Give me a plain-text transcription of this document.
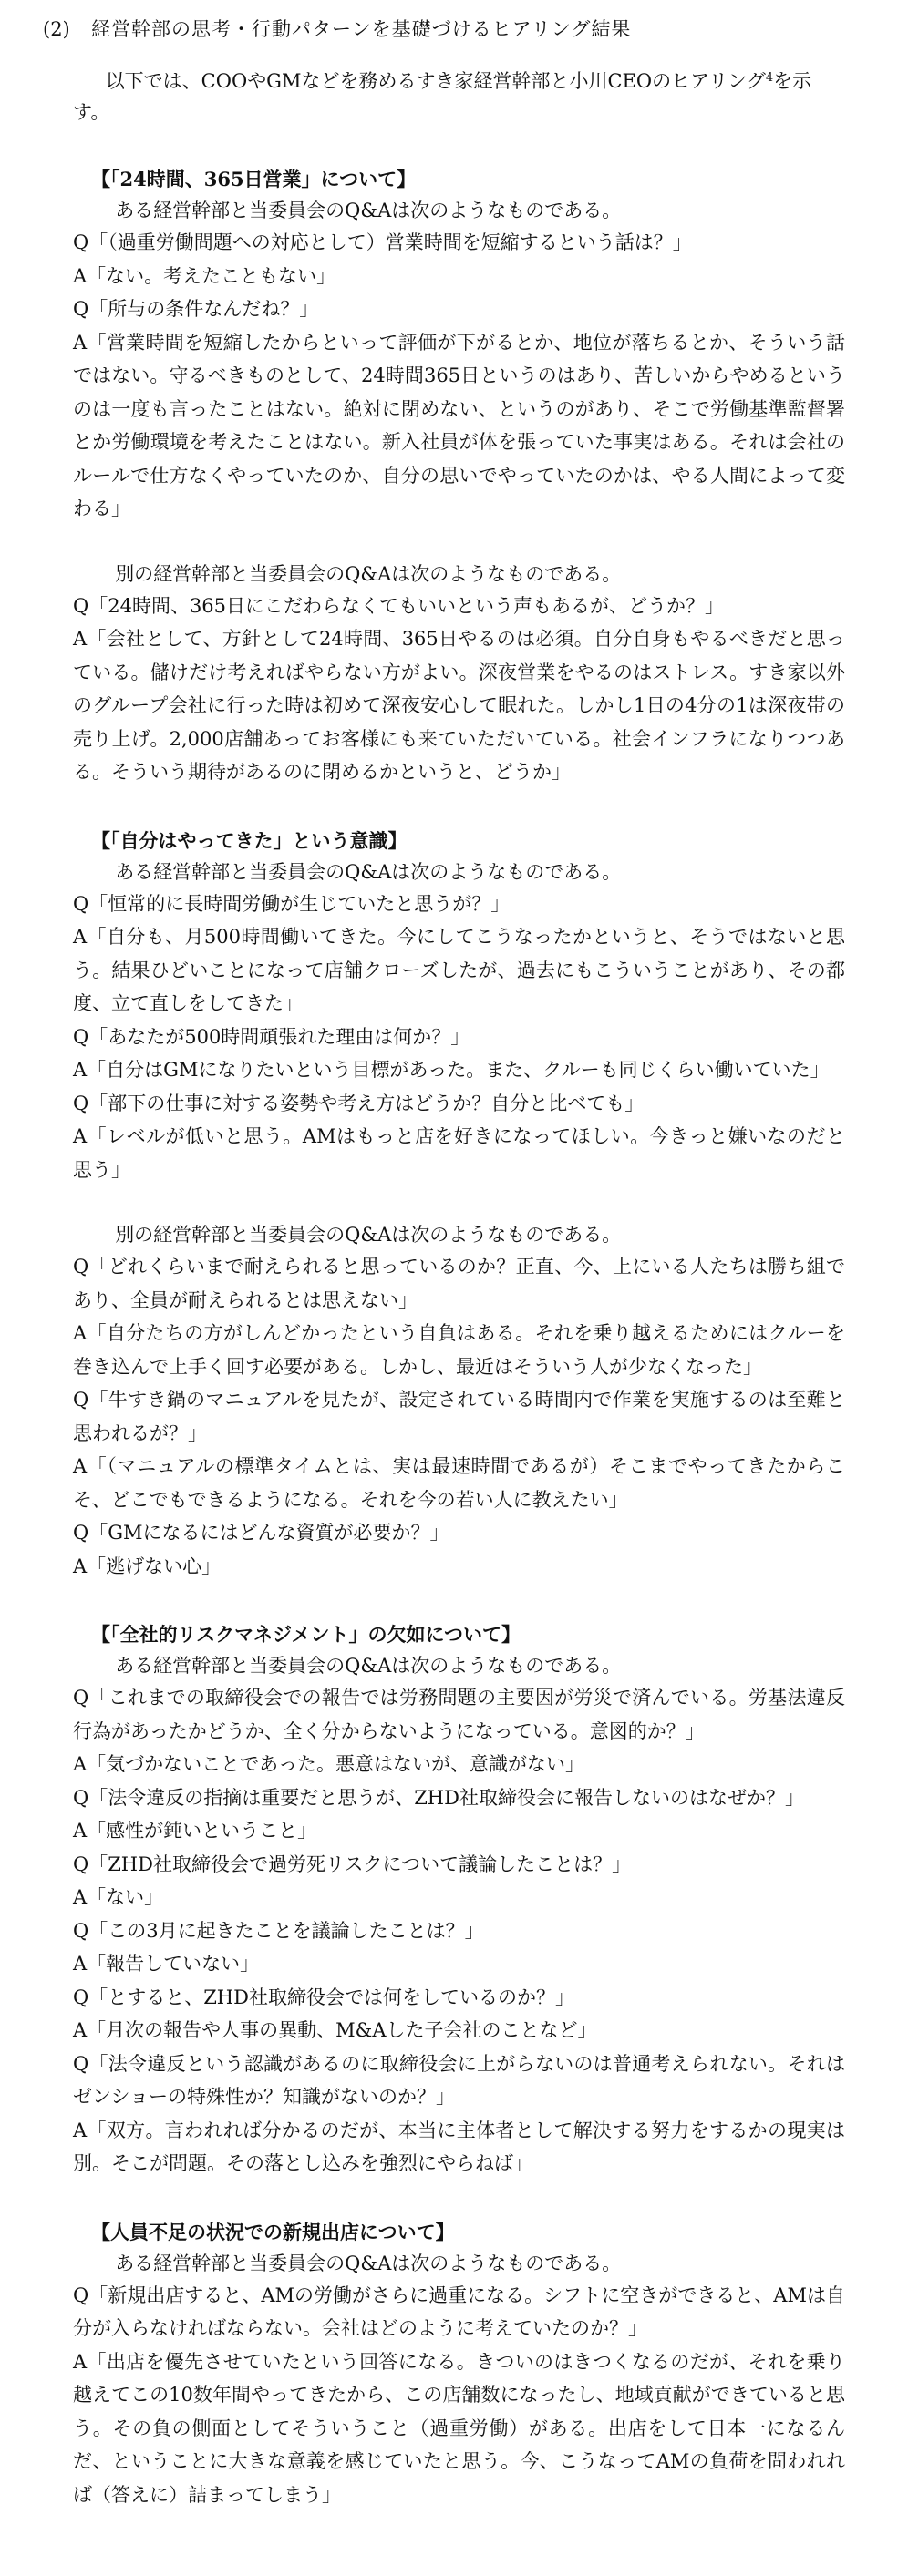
(2)	経営幹部の思考・行動パターンを基礎づけるヒアリング結果

以下では、COOやGMなどを務めるすき家経営幹部と小川CEOのヒアリング$^4$を示す。

【「24時間、365日営業」について】

ある経営幹部と当委員会のQ&Aは次のようなものである。

Q「（過重労働問題への対応として）営業時間を短縮するという話は？」

A「ない。考えたこともない」

Q「所与の条件なんだね？」

A「営業時間を短縮したからといって評価が下がるとか、地位が落ちるとか、そういう話ではない。守るべきものとして、24時間365日というのはあり、苦しいからやめるというのは一度も言ったことはない。絶対に閉めない、というのがあり、そこで労働基準監督署とか労働環境を考えたことはない。新入社員が体を張っていた事実はある。それは会社のルールで仕方なくやっていたのか、自分の思いでやっていたのかは、やる人間によって変わる」

別の経営幹部と当委員会のQ&Aは次のようなものである。

Q「24時間、365日にこだわらなくてもいいという声もあるが、どうか？」

A「会社として、方針として24時間、365日やるのは必須。自分自身もやるべきだと思っている。儲けだけ考えればやらない方がよい。深夜営業をやるのはストレス。すき家以外のグループ会社に行った時は初めて深夜安心して眠れた。しかし1日の4分の1は深夜帯の売り上げ。2,000店舗あってお客様にも来ていただいている。社会インフラになりつつある。そういう期待があるのに閉めるかというと、どうか」

【「自分はやってきた」という意識】

ある経営幹部と当委員会のQ&Aは次のようなものである。

Q「恒常的に長時間労働が生じていたと思うが？」

A「自分も、月500時間働いてきた。今にしてこうなったかというと、そうではないと思う。結果ひどいことになって店舗クローズしたが、過去にもこういうことがあり、その都度、立て直しをしてきた」

Q「あなたが500時間頑張れた理由は何か？」

A「自分はGMになりたいという目標があった。また、クルーも同じくらい働いていた」

Q「部下の仕事に対する姿勢や考え方はどうか？自分と比べても」

A「レベルが低いと思う。AMはもっと店を好きになってほしい。今きっと嫌いなのだと思う」

別の経営幹部と当委員会のQ&Aは次のようなものである。

Q「どれくらいまで耐えられると思っているのか？正直、今、上にいる人たちは勝ち組であり、全員が耐えられるとは思えない」

A「自分たちの方がしんどかったという自負はある。それを乗り越えるためにはクルーを巻き込んで上手く回す必要がある。しかし、最近はそういう人が少なくなった」

Q「牛すき鍋のマニュアルを見たが、設定されている時間内で作業を実施するのは至難と思われるが？」

A「（マニュアルの標準タイムとは、実は最速時間であるが）そこまでやってきたからこそ、どこでもできるようになる。それを今の若い人に教えたい」

Q「GMになるにはどんな資質が必要か？」

A「逃げない心」

【「全社的リスクマネジメント」の欠如について】

ある経営幹部と当委員会のQ&Aは次のようなものである。

Q「これまでの取締役会での報告では労務問題の主要因が労災で済んでいる。労基法違反行為があったかどうか、全く分からないようになっている。意図的か？」

A「気づかないことであった。悪意はないが、意識がない」

Q「法令違反の指摘は重要だと思うが、ZHD社取締役会に報告しないのはなぜか？」

A「感性が鈍いということ」

Q「ZHD社取締役会で過労死リスクについて議論したことは？」

A「ない」

Q「この3月に起きたことを議論したことは？」

A「報告していない」

Q「とすると、ZHD社取締役会では何をしているのか？」

A「月次の報告や人事の異動、M&Aした子会社のことなど」

Q「法令違反という認識があるのに取締役会に上がらないのは普通考えられない。それはゼンショーの特殊性か？知識がないのか？」

A「双方。言われれば分かるのだが、本当に主体者として解決する努力をするかの現実は別。そこが問題。その落とし込みを強烈にやらねば」

【人員不足の状況での新規出店について】

ある経営幹部と当委員会のQ&Aは次のようなものである。

Q「新規出店すると、AMの労働がさらに過重になる。シフトに空きができると、AMは自分が入らなければならない。会社はどのように考えていたのか？」

A「出店を優先させていたという回答になる。きついのはきつくなるのだが、それを乗り越えてこの10数年間やってきたから、この店舗数になったし、地域貢献ができていると思う。その負の側面としてそういうこと（過重労働）がある。出店をして日本一になるんだ、ということに大きな意義を感じていたと思う。今、こうなってAMの負荷を問われれば（答えに）詰まってしまう」
